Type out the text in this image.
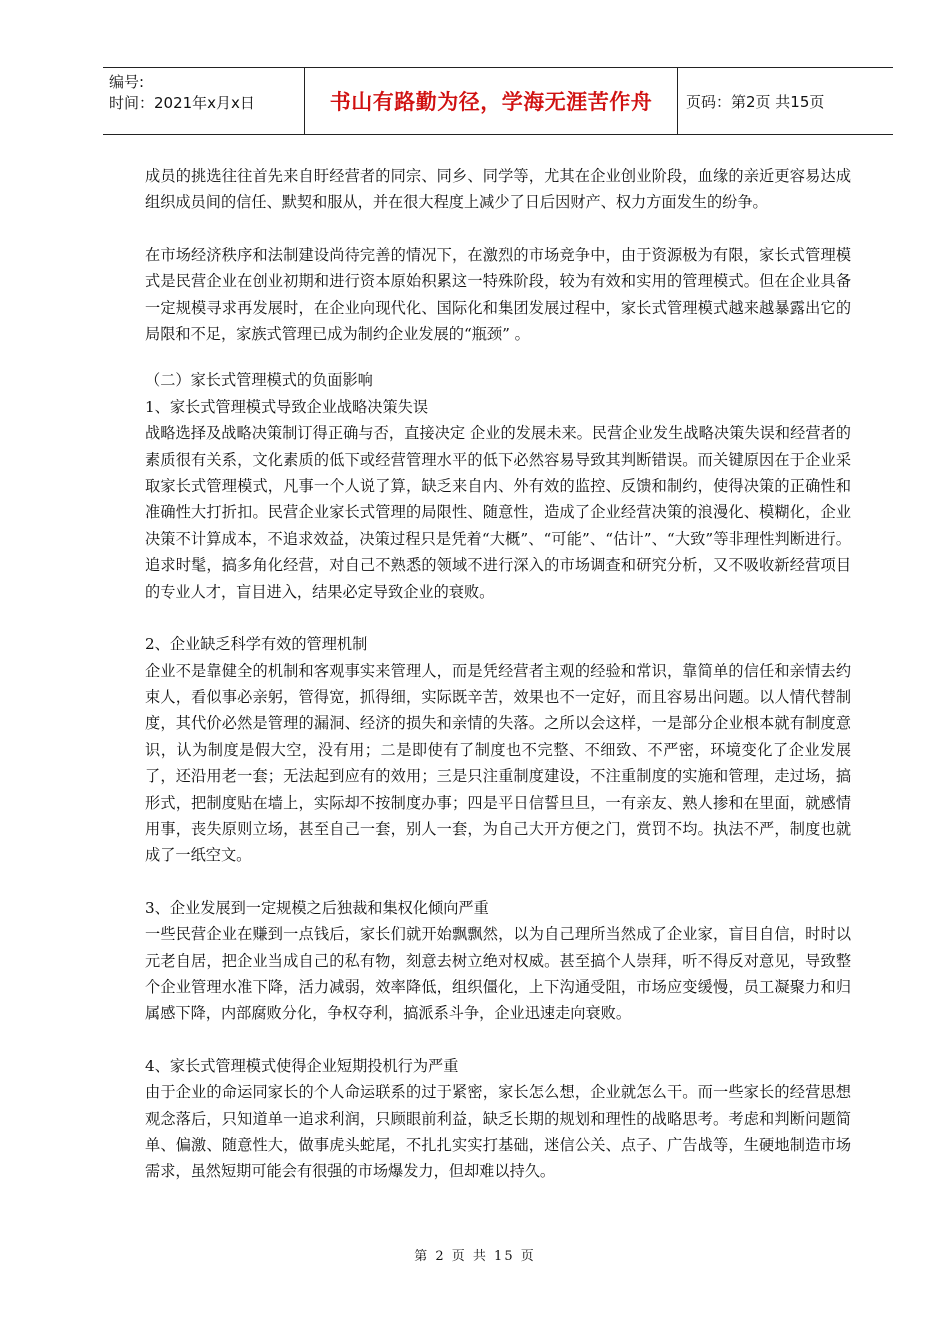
编号:
时间：2021年x月x日	书山有路勤为径，学海无涯苦作舟	页码：第2页 共15页

成员的挑选往往首先来自盱经营者的同宗、同乡、同学等，尤其在企业创业阶段，血缘的亲近更容易达成组织成员间的信任、默契和服从，并在很大程度上减少了日后因财产、权力方面发生的纷争。

在市场经济秩序和法制建设尚待完善的情况下，在激烈的市场竞争中，由于资源极为有限，家长式管理模式是民营企业在创业初期和进行资本原始积累这一特殊阶段，较为有效和实用的管理模式。但在企业具备一定规模寻求再发展时，在企业向现代化、国际化和集团发展过程中，家长式管理模式越来越暴露出它的局限和不足，家族式管理已成为制约企业发展的“瓶颈” 。

（二）家长式管理模式的负面影响

1、家长式管理模式导致企业战略决策失误

战略选择及战略决策制订得正确与否，直接决定 企业的发展未来。民营企业发生战略决策失误和经营者的素质很有关系，文化素质的低下或经营管理水平的低下必然容易导致其判断错误。而关键原因在于企业采取家长式管理模式，凡事一个人说了算，缺乏来自内、外有效的监控、反馈和制约，使得决策的正确性和准确性大打折扣。民营企业家长式管理的局限性、随意性，造成了企业经营决策的浪漫化、模糊化，企业决策不计算成本，不追求效益，决策过程只是凭着“大概”、“可能”、“估计”、“大致”等非理性判断进行。追求时髦，搞多角化经营，对自己不熟悉的领域不进行深入的市场调查和研究分析，又不吸收新经营项目的专业人才，盲目进入，结果必定导致企业的衰败。

2、企业缺乏科学有效的管理机制

企业不是靠健全的机制和客观事实来管理人，而是凭经营者主观的经验和常识，靠简单的信任和亲情去约束人，看似事必亲躬，管得宽，抓得细，实际既辛苦，效果也不一定好，而且容易出问题。以人情代替制度，其代价必然是管理的漏洞、经济的损失和亲情的失落。之所以会这样，一是部分企业根本就有制度意识，认为制度是假大空，没有用；二是即使有了制度也不完整、不细致、不严密，环境变化了企业发展了，还沿用老一套；无法起到应有的效用；三是只注重制度建设，不注重制度的实施和管理，走过场，搞形式，把制度贴在墙上，实际却不按制度办事；四是平日信誓旦旦，一有亲友、熟人掺和在里面，就感情用事，丧失原则立场，甚至自己一套，别人一套，为自己大开方便之门，赏罚不均。执法不严，制度也就成了一纸空文。

3、企业发展到一定规模之后独裁和集权化倾向严重

一些民营企业在赚到一点钱后，家长们就开始飘飘然，以为自己理所当然成了企业家，盲目自信，时时以元老自居，把企业当成自己的私有物，刻意去树立绝对权威。甚至搞个人崇拜，听不得反对意见，导致整个企业管理水准下降，活力减弱，效率降低，组织僵化，上下沟通受阻，市场应变缓慢，员工凝聚力和归属感下降，内部腐败分化，争权夺利，搞派系斗争，企业迅速走向衰败。

4、家长式管理模式使得企业短期投机行为严重

由于企业的命运同家长的个人命运联系的过于紧密，家长怎么想，企业就怎么干。而一些家长的经营思想观念落后，只知道单一追求利润，只顾眼前利益，缺乏长期的规划和理性的战略思考。考虑和判断问题简单、偏激、随意性大，做事虎头蛇尾，不扎扎实实打基础，迷信公关、点子、广告战等，生硬地制造市场需求，虽然短期可能会有很强的市场爆发力，但却难以持久。

第 2 页 共 15 页
